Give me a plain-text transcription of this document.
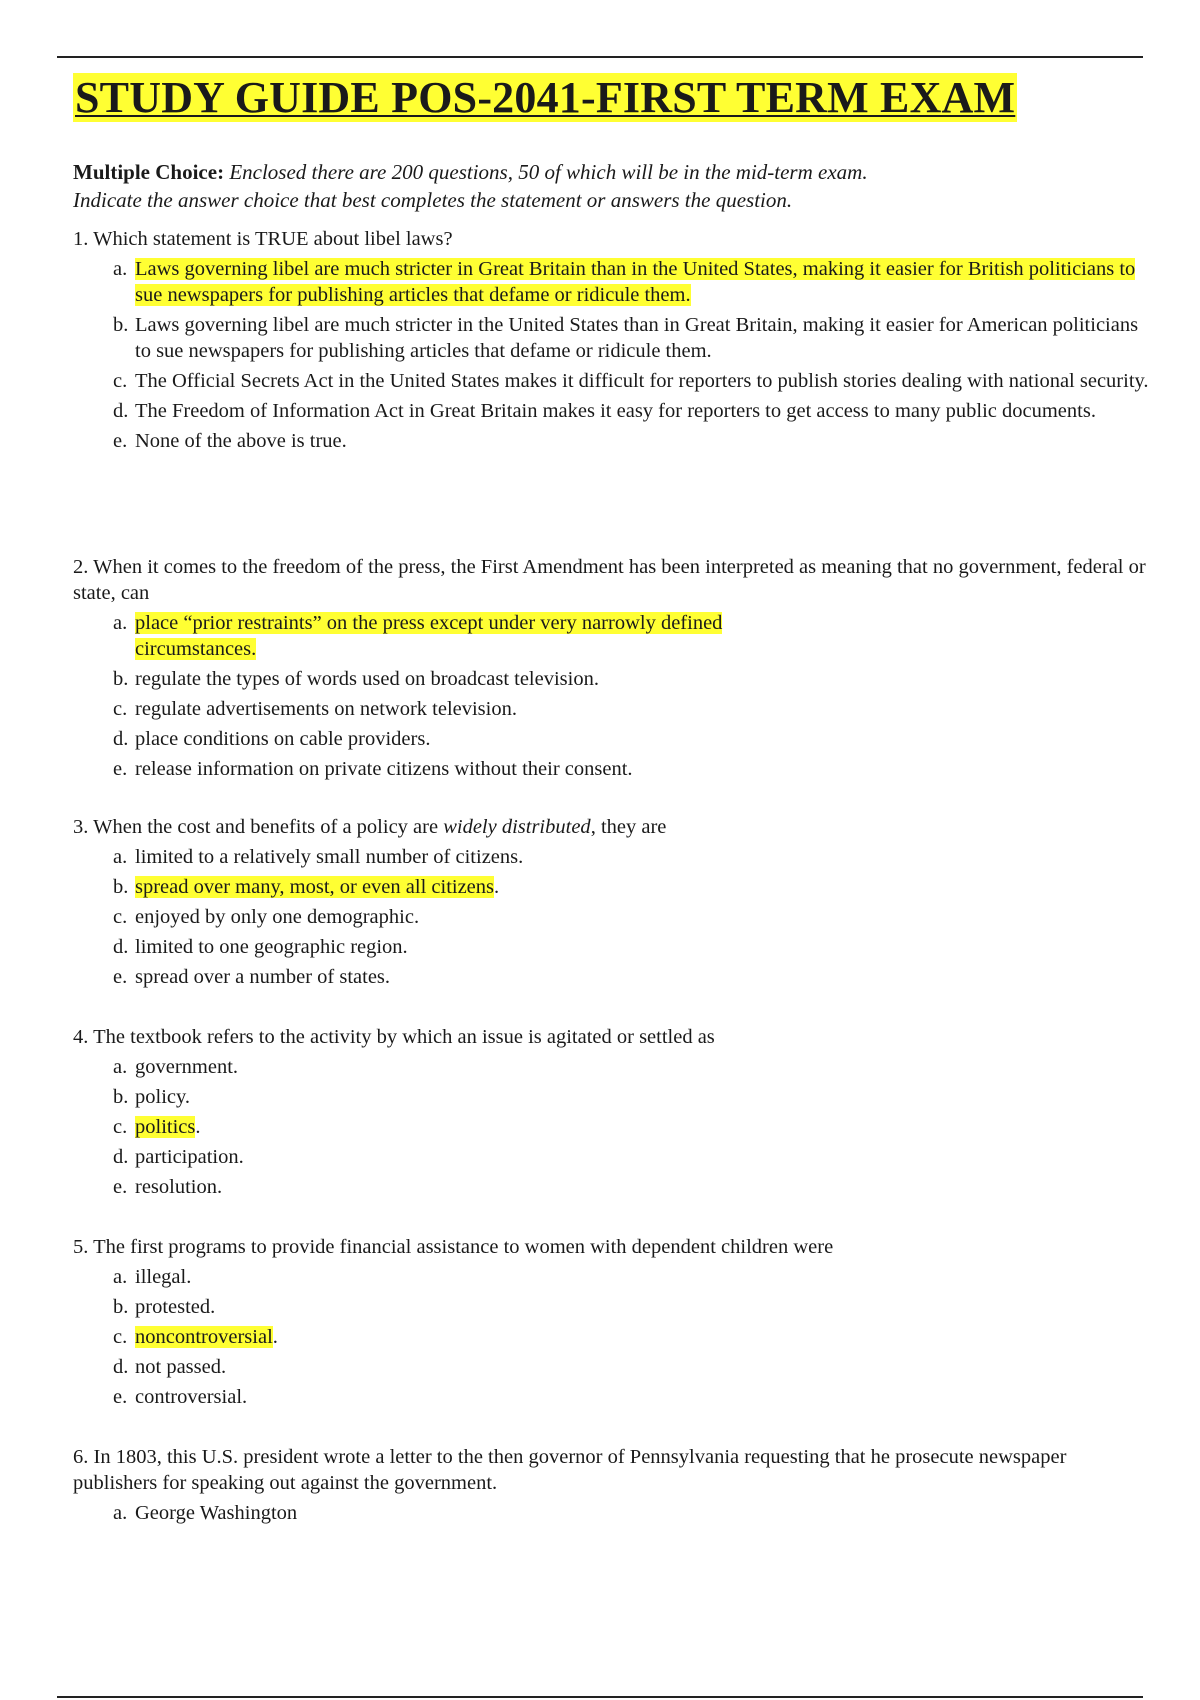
STUDY GUIDE POS-2041-FIRST TERM EXAM
Multiple Choice: Enclosed there are 200 questions, 50 of which will be in the mid-term exam.
Indicate the answer choice that best completes the statement or answers the question.

1. Which statement is TRUE about libel laws?

a. Laws governing libel are much stricter in Great Britain than in the United States, making it easier for British politicians to sue newspapers for publishing articles that defame or ridicule them.
b. Laws governing libel are much stricter in the United States than in Great Britain, making it easier for American politicians to sue newspapers for publishing articles that defame or ridicule them.
c. The Official Secrets Act in the United States makes it difficult for reporters to publish stories dealing with national security.
d. The Freedom of Information Act in Great Britain makes it easy for reporters to get access to many public documents.
e. None of the above is true.

2. When it comes to the freedom of the press, the First Amendment has been interpreted as meaning that no government, federal or state, can

a. place “prior restraints” on the press except under very narrowly defined circumstances.
b. regulate the types of words used on broadcast television.
c. regulate advertisements on network television.
d. place conditions on cable providers.
e. release information on private citizens without their consent.

3. When the cost and benefits of a policy are widely distributed, they are

a. limited to a relatively small number of citizens.
b. spread over many, most, or even all citizens.
c. enjoyed by only one demographic.
d. limited to one geographic region.
e. spread over a number of states.

4. The textbook refers to the activity by which an issue is agitated or settled as

a. government.
b. policy.
c. politics.
d. participation.
e. resolution.

5. The first programs to provide financial assistance to women with dependent children were

a. illegal.
b. protested.
c. noncontroversial.
d. not passed.
e. controversial.

6. In 1803, this U.S. president wrote a letter to the then governor of Pennsylvania requesting that he prosecute newspaper publishers for speaking out against the government.

a. George Washington
